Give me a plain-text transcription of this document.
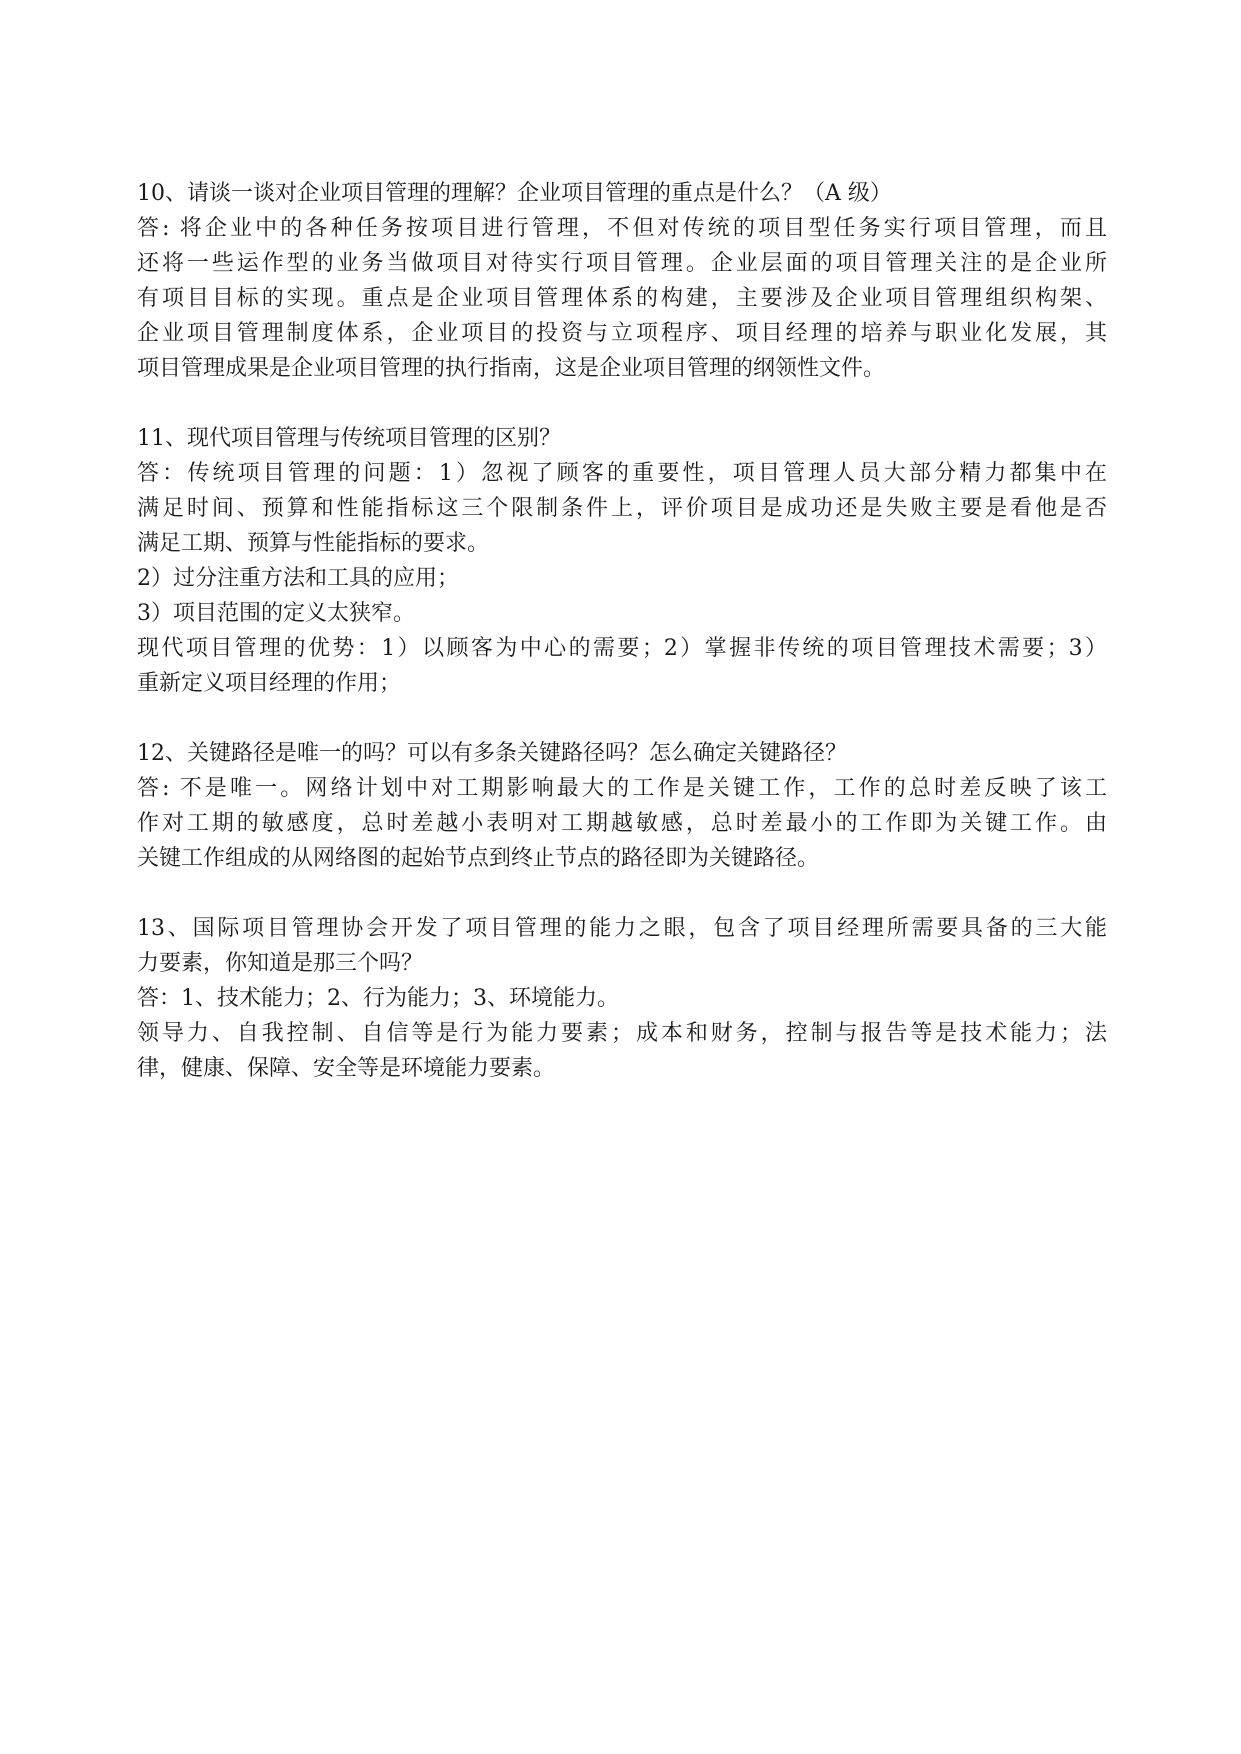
10、请谈一谈对企业项目管理的理解？企业项目管理的重点是什么？（A 级）
答: 将企业中的各种任务按项目进行管理，不但对传统的项目型任务实行项目管理，而且
还将一些运作型的业务当做项目对待实行项目管理。企业层面的项目管理关注的是企业所
有项目目标的实现。重点是企业项目管理体系的构建，主要涉及企业项目管理组织构架、
企业项目管理制度体系，企业项目的投资与立项程序、项目经理的培养与职业化发展，其
项目管理成果是企业项目管理的执行指南，这是企业项目管理的纲领性文件。
11、现代项目管理与传统项目管理的区别？
答：传统项目管理的问题：1）忽视了顾客的重要性，项目管理人员大部分精力都集中在
满足时间、预算和性能指标这三个限制条件上，评价项目是成功还是失败主要是看他是否
满足工期、预算与性能指标的要求。
2）过分注重方法和工具的应用；
3）项目范围的定义太狭窄。
现代项目管理的优势：1）以顾客为中心的需要；2）掌握非传统的项目管理技术需要；3）
重新定义项目经理的作用；
12、关键路径是唯一的吗？可以有多条关键路径吗？怎么确定关键路径？
答: 不是唯一。网络计划中对工期影响最大的工作是关键工作，工作的总时差反映了该工
作对工期的敏感度，总时差越小表明对工期越敏感，总时差最小的工作即为关键工作。由
关键工作组成的从网络图的起始节点到终止节点的路径即为关键路径。
13、国际项目管理协会开发了项目管理的能力之眼，包含了项目经理所需要具备的三大能
力要素，你知道是那三个吗？
答：1、技术能力；2、行为能力；3、环境能力。
领导力、自我控制、自信等是行为能力要素；成本和财务，控制与报告等是技术能力；法
律，健康、保障、安全等是环境能力要素。
